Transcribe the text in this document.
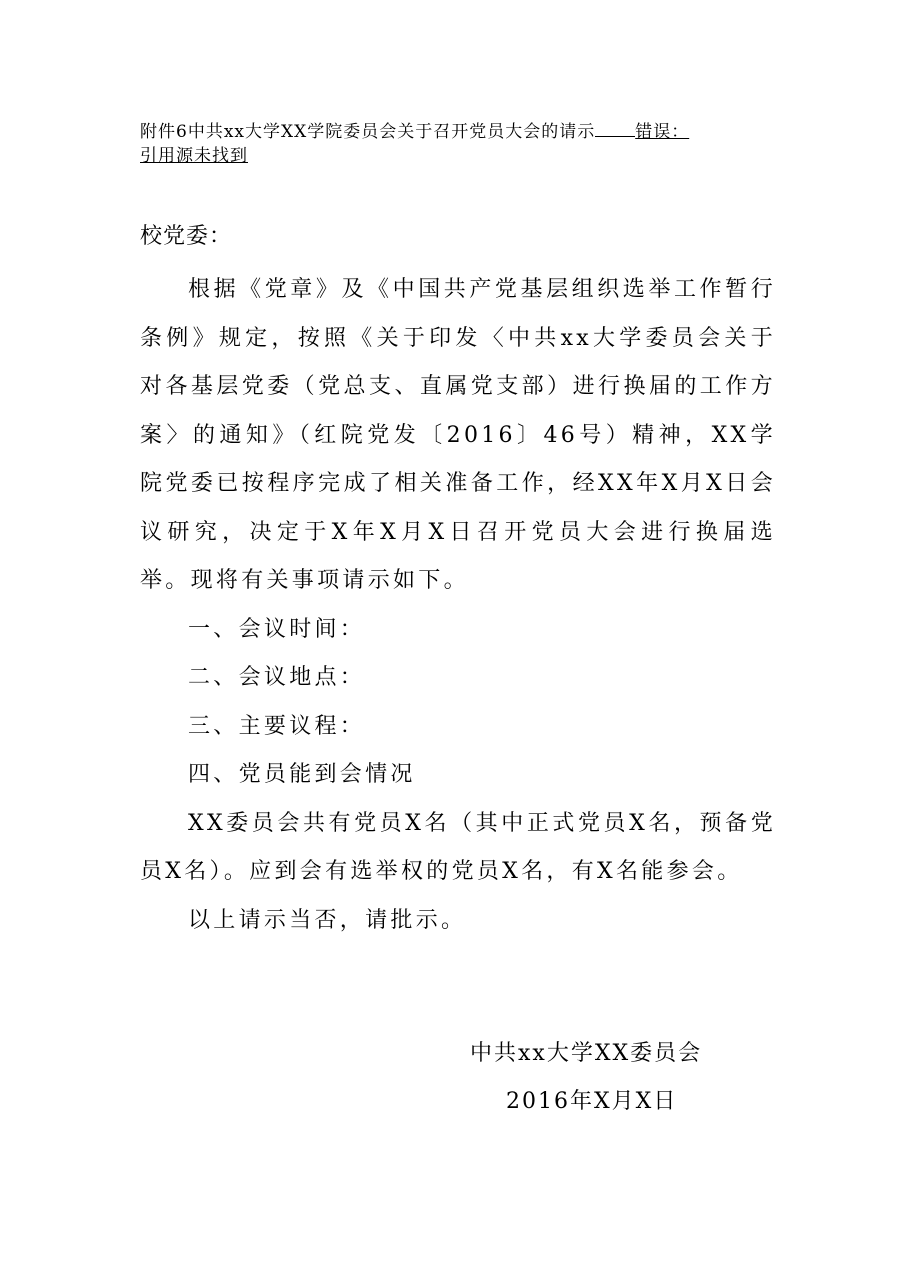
附件6中共xx大学XX学院委员会关于召开党员大会的请示 错误：
引用源未找到
校党委：

根据《党章》及《中国共产党基层组织选举工作暂行条例》规定，按照《关于印发〈中共xx大学委员会关于对各基层党委（党总支、直属党支部）进行换届的工作方案〉的通知》（红院党发〔2016〕46号）精神，XX学院党委已按程序完成了相关准备工作，经XX年X月X日会议研究，决定于X年X月X日召开党员大会进行换届选举。现将有关事项请示如下。

一、会议时间：

二、会议地点：

三、主要议程：

四、党员能到会情况

XX委员会共有党员X名（其中正式党员X名，预备党员X名）。应到会有选举权的党员X名，有X名能参会。

以上请示当否，请批示。

中共xx大学XX委员会
2016年X月X日
